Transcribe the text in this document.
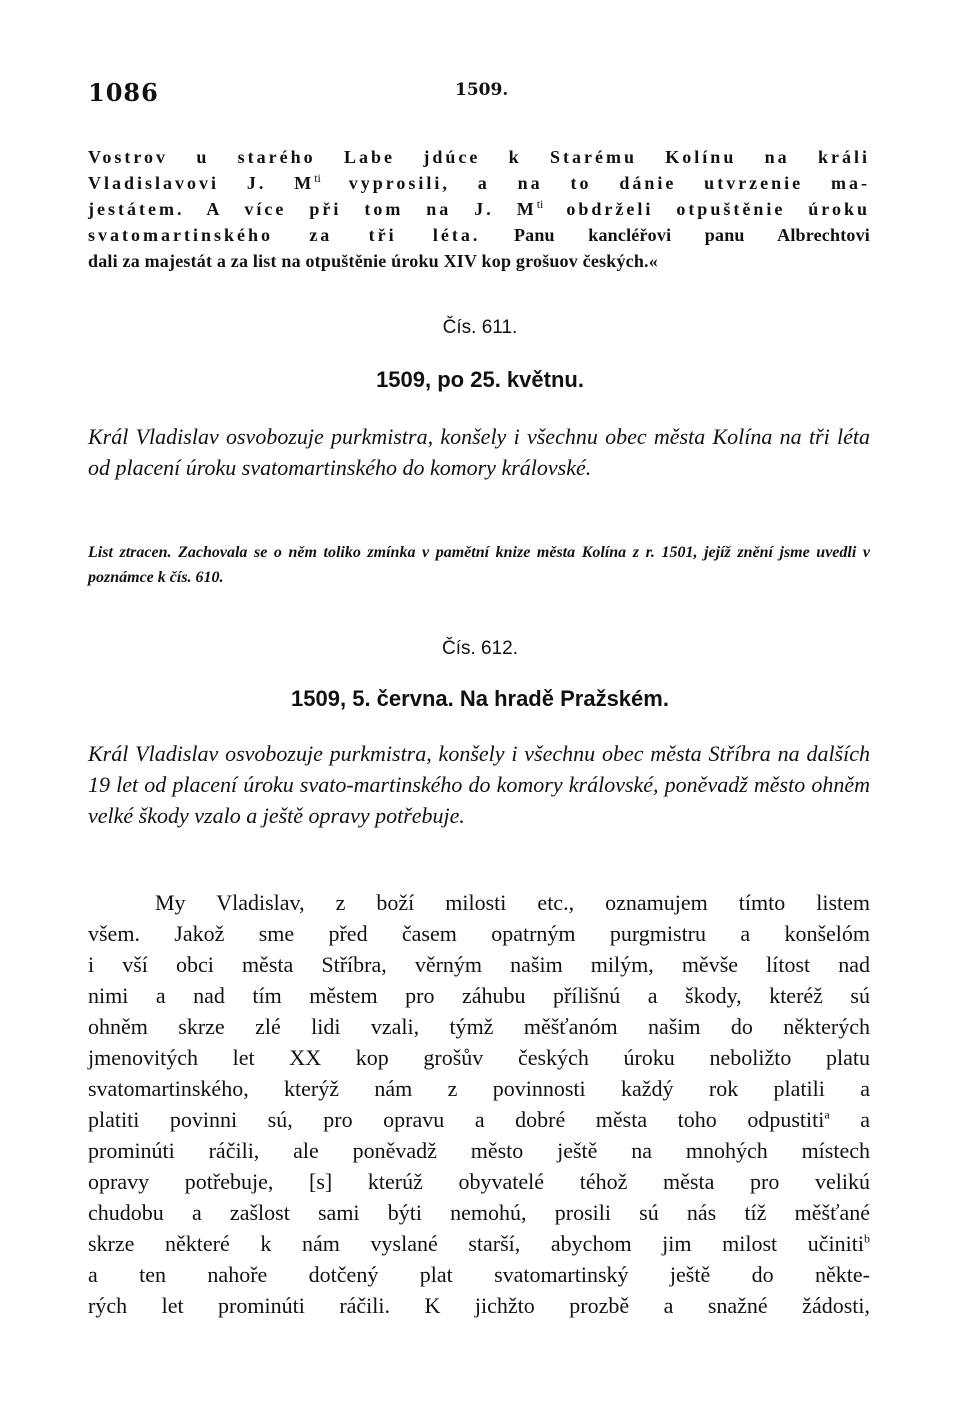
1086	1509.
Vostrov u starého Labe jdúce k Starému Kolínu na králi
Vladislavovi J. $M^{ti}$ vyprosili, a na to dánie utvrzenie ma-
jestátem. A více při tom na J. $M^{ti}$ obdrželi otpuštěnie úroku
svatomartinského za tři léta. Panu kancléřovi panu Albrechtovi
dali za majestát a za list na otpuštěnie úroku XIV kop grošuov českých.«
Čís. 611.
1509, po 25. květnu.
Král Vladislav osvobozuje purkmistra, konšely i všechnu obec města Kolína na tři léta od placení úroku svatomartinského do komory královské.
List ztracen. Zachovala se o něm toliko zmínka v pamětní knize města Kolína z r. 1501, jejíž znění jsme uvedli v poznámce k čís. 610.
Čís. 612.
1509, 5. června. Na hradě Pražském.
Král Vladislav osvobozuje purkmistra, konšely i všechnu obec města Stříbra na dalších 19 let od placení úroku svato-martinského do komory královské, poněvadž město ohněm velké škody vzalo a ještě opravy potřebuje.
My Vladislav, z boží milosti etc., oznamujem tímto listem
všem. Jakož sme před časem opatrným purgmistru a konšelóm
i vší obci města Stříbra, věrným našim milým, měvše lítost nad
nimi a nad tím městem pro záhubu přílišnú a škody, kteréž sú
ohněm skrze zlé lidi vzali, týmž měšťanóm našim do některých
jmenovitých let XX kop grošův českých úroku neboližto platu
svatomartinského, kterýž nám z povinnosti každý rok platili a
platiti povinni sú, pro opravu a dobré města toho odpustiti$^a$ a
prominúti ráčili, ale poněvadž město ještě na mnohých místech
opravy potřebuje, [s] kterúž obyvatelé téhož města pro velikú
chudobu a zašlost sami býti nemohú, prosili sú nás tíž měšťané
skrze některé k nám vyslané starší, abychom jim milost učiniti$^b$
a ten nahoře dotčený plat svatomartinský ještě do někte-
rých let prominúti ráčili. K jichžto prozbě a snažné žádosti,
